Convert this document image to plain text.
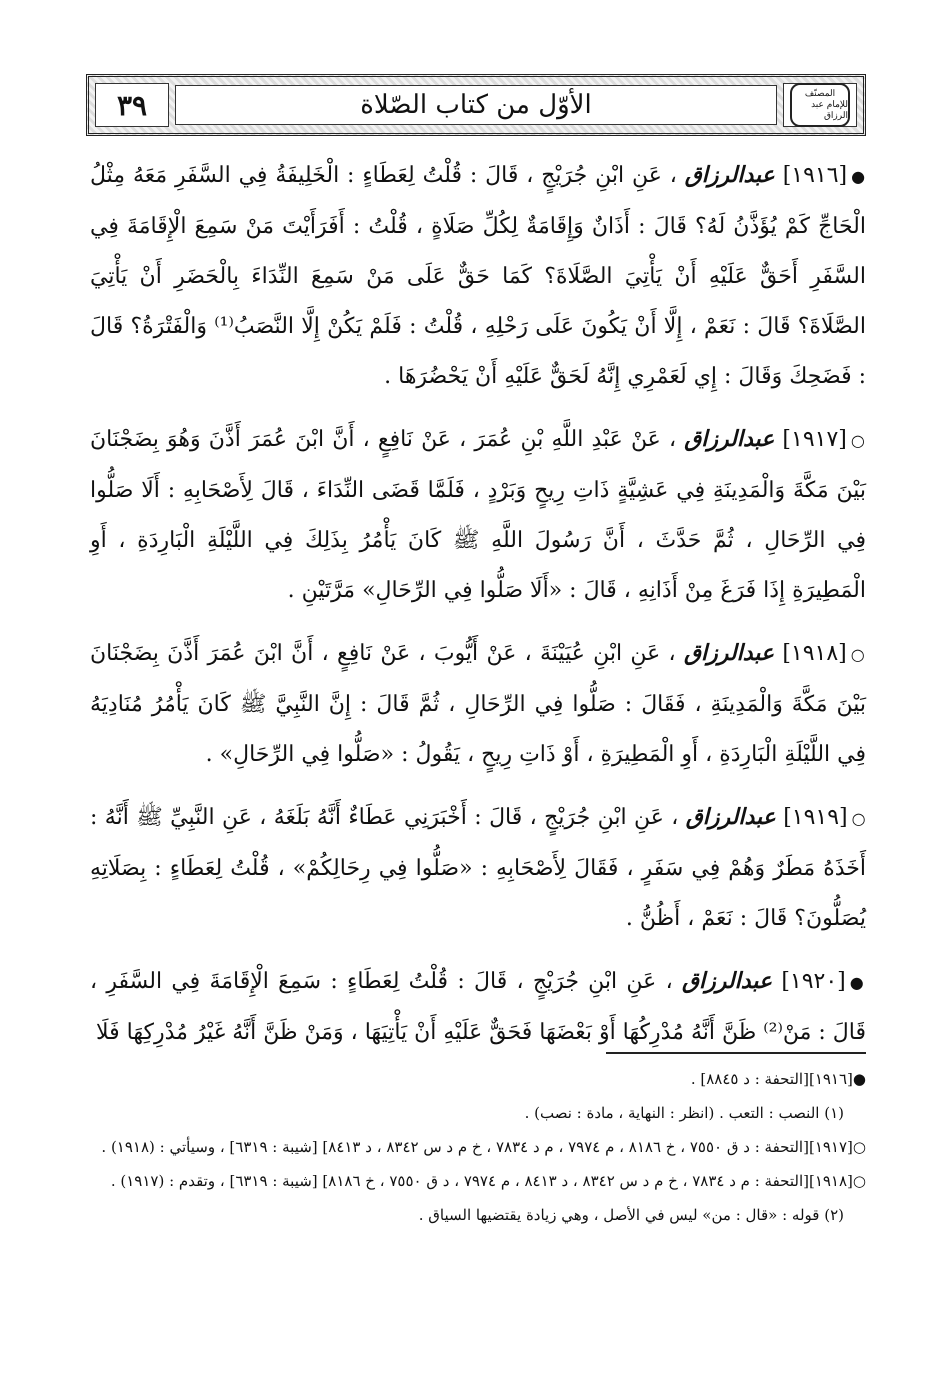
٣٩	الأوّل من كتاب الصّلاة	المصنّف
للإمام عبد الرزاق

●[١٩١٦] عبدالرزاق ، عَنِ ابْنِ جُرَيْجٍ ، قَالَ : قُلْتُ لِعَطَاءٍ : الْخَلِيفَةُ فِي السَّفَرِ مَعَهُ مِثْلُ الْحَاجِّ كَمْ يُؤَذَّنُ لَهُ؟ قَالَ : أَذَانٌ وَإِقَامَةٌ لِكُلِّ صَلَاةٍ ، قُلْتُ : أَفَرَأَيْتَ مَنْ سَمِعَ الْإِقَامَةَ فِي السَّفَرِ أَحَقٌّ عَلَيْهِ أَنْ يَأْتِيَ الصَّلَاةَ؟ كَمَا حَقٌّ عَلَى مَنْ سَمِعَ النِّدَاءَ بِالْحَضَرِ أَنْ يَأْتِيَ الصَّلَاةَ؟ قَالَ : نَعَمْ ، إِلَّا أَنْ يَكُونَ عَلَى رَحْلِهِ ، قُلْتُ : فَلَمْ يَكُنْ إِلَّا النَّصَبُ⁽¹⁾ وَالْفَتْرَةُ؟ قَالَ : فَضَحِكَ وَقَالَ : إِي لَعَمْرِي إِنَّهُ لَحَقٌّ عَلَيْهِ أَنْ يَحْضُرَهَا .

○[١٩١٧] عبدالرزاق ، عَنْ عَبْدِ اللَّهِ بْنِ عُمَرَ ، عَنْ نَافِعٍ ، أَنَّ ابْنَ عُمَرَ أَذَّنَ وَهُوَ بِضَجْنَانَ بَيْنَ مَكَّةَ وَالْمَدِينَةِ فِي عَشِيَّةٍ ذَاتِ رِيحٍ وَبَرْدٍ ، فَلَمَّا قَضَى النِّدَاءَ ، قَالَ لِأَصْحَابِهِ : أَلَا صَلُّوا فِي الرِّحَالِ ، ثُمَّ حَدَّثَ ، أَنَّ رَسُولَ اللَّهِ ﷺ كَانَ يَأْمُرُ بِذَلِكَ فِي اللَّيْلَةِ الْبَارِدَةِ ، أَوِ الْمَطِيرَةِ إِذَا فَرَغَ مِنْ أَذَانِهِ ، قَالَ : «أَلَا صَلُّوا فِي الرِّحَالِ» مَرَّتَيْنِ .

○[١٩١٨] عبدالرزاق ، عَنِ ابْنِ عُيَيْنَةَ ، عَنْ أَيُّوبَ ، عَنْ نَافِعٍ ، أَنَّ ابْنَ عُمَرَ أَذَّنَ بِضَجْنَانَ بَيْنَ مَكَّةَ وَالْمَدِينَةِ ، فَقَالَ : صَلُّوا فِي الرِّحَالِ ، ثُمَّ قَالَ : إِنَّ النَّبِيَّ ﷺ كَانَ يَأْمُرُ مُنَادِيَهُ فِي اللَّيْلَةِ الْبَارِدَةِ ، أَوِ الْمَطِيرَةِ ، أَوْ ذَاتِ رِيحٍ ، يَقُولُ : «صَلُّوا فِي الرِّحَالِ» .

○[١٩١٩] عبدالرزاق ، عَنِ ابْنِ جُرَيْجٍ ، قَالَ : أَخْبَرَنِي عَطَاءٌ أَنَّهُ بَلَغَهُ ، عَنِ النَّبِيِّ ﷺ أَنَّهُ : أَخَذَهُ مَطَرٌ وَهُمْ فِي سَفَرٍ ، فَقَالَ لِأَصْحَابِهِ : «صَلُّوا فِي رِحَالِكُمْ» ، قُلْتُ لِعَطَاءٍ : بِصَلَاتِهِ يُصَلُّونَ؟ قَالَ : نَعَمْ ، أَظُنُّ .

●[١٩٢٠] عبدالرزاق ، عَنِ ابْنِ جُرَيْجٍ ، قَالَ : قُلْتُ لِعَطَاءٍ : سَمِعَ الْإِقَامَةَ فِي السَّفَرِ ، قَالَ : مَنْ⁽²⁾ ظَنَّ أَنَّهُ مُدْرِكُهَا أَوْ بَعْضَهَا فَحَقٌّ عَلَيْهِ أَنْ يَأْتِيَهَا ، وَمَنْ ظَنَّ أَنَّهُ غَيْرُ مُدْرِكِهَا فَلَا

●[١٩١٦][التحفة : د ٨٨٤٥] .

(١) النصب : التعب . (انظر : النهاية ، مادة : نصب) .

○[١٩١٧][التحفة : د ق ٧٥٥٠ ، خ ٨١٨٦ ، م ٧٩٧٤ ، م د ٧٨٣٤ ، خ م د س ٨٣٤٢ ، د ٨٤١٣] [شيبة : ٦٣١٩] ، وسيأتي : (١٩١٨) .

○[١٩١٨][التحفة : م د ٧٨٣٤ ، خ م د س ٨٣٤٢ ، د ٨٤١٣ ، م ٧٩٧٤ ، د ق ٧٥٥٠ ، خ ٨١٨٦] [شيبة : ٦٣١٩] ، وتقدم : (١٩١٧) .

(٢) قوله : «قال : من» ليس في الأصل ، وهي زيادة يقتضيها السياق .
